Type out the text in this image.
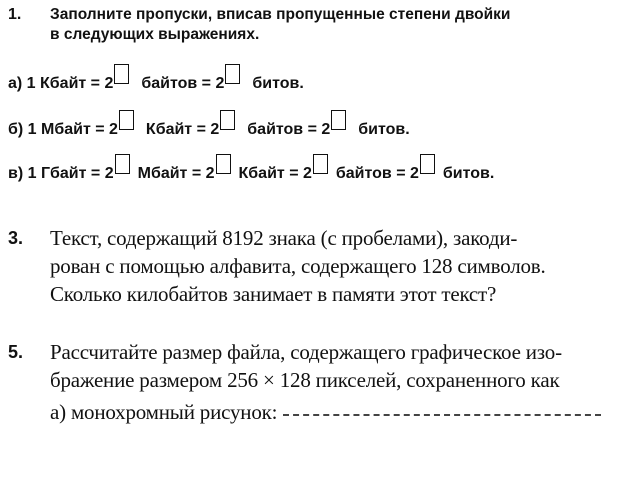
1. Заполните пропуски, вписав пропущенные степени двойки
в следующих выражениях.
а) 1 Кбайт = 2 байтов = 2 битов.
б) 1 Мбайт = 2 Кбайт = 2 байтов = 2 битов.
в) 1 Гбайт = 2 Мбайт = 2 Кбайт = 2 байтов = 2 битов.
3. Текст, содержащий 8192 знака (с пробелами), закоди-
рован с помощью алфавита, содержащего 128 символов.
Сколько килобайтов занимает в памяти этот текст?
5. Рассчитайте размер файла, содержащего графическое изо-
бражение размером 256 × 128 пикселей, сохраненного как
а) монохромный рисунок:
